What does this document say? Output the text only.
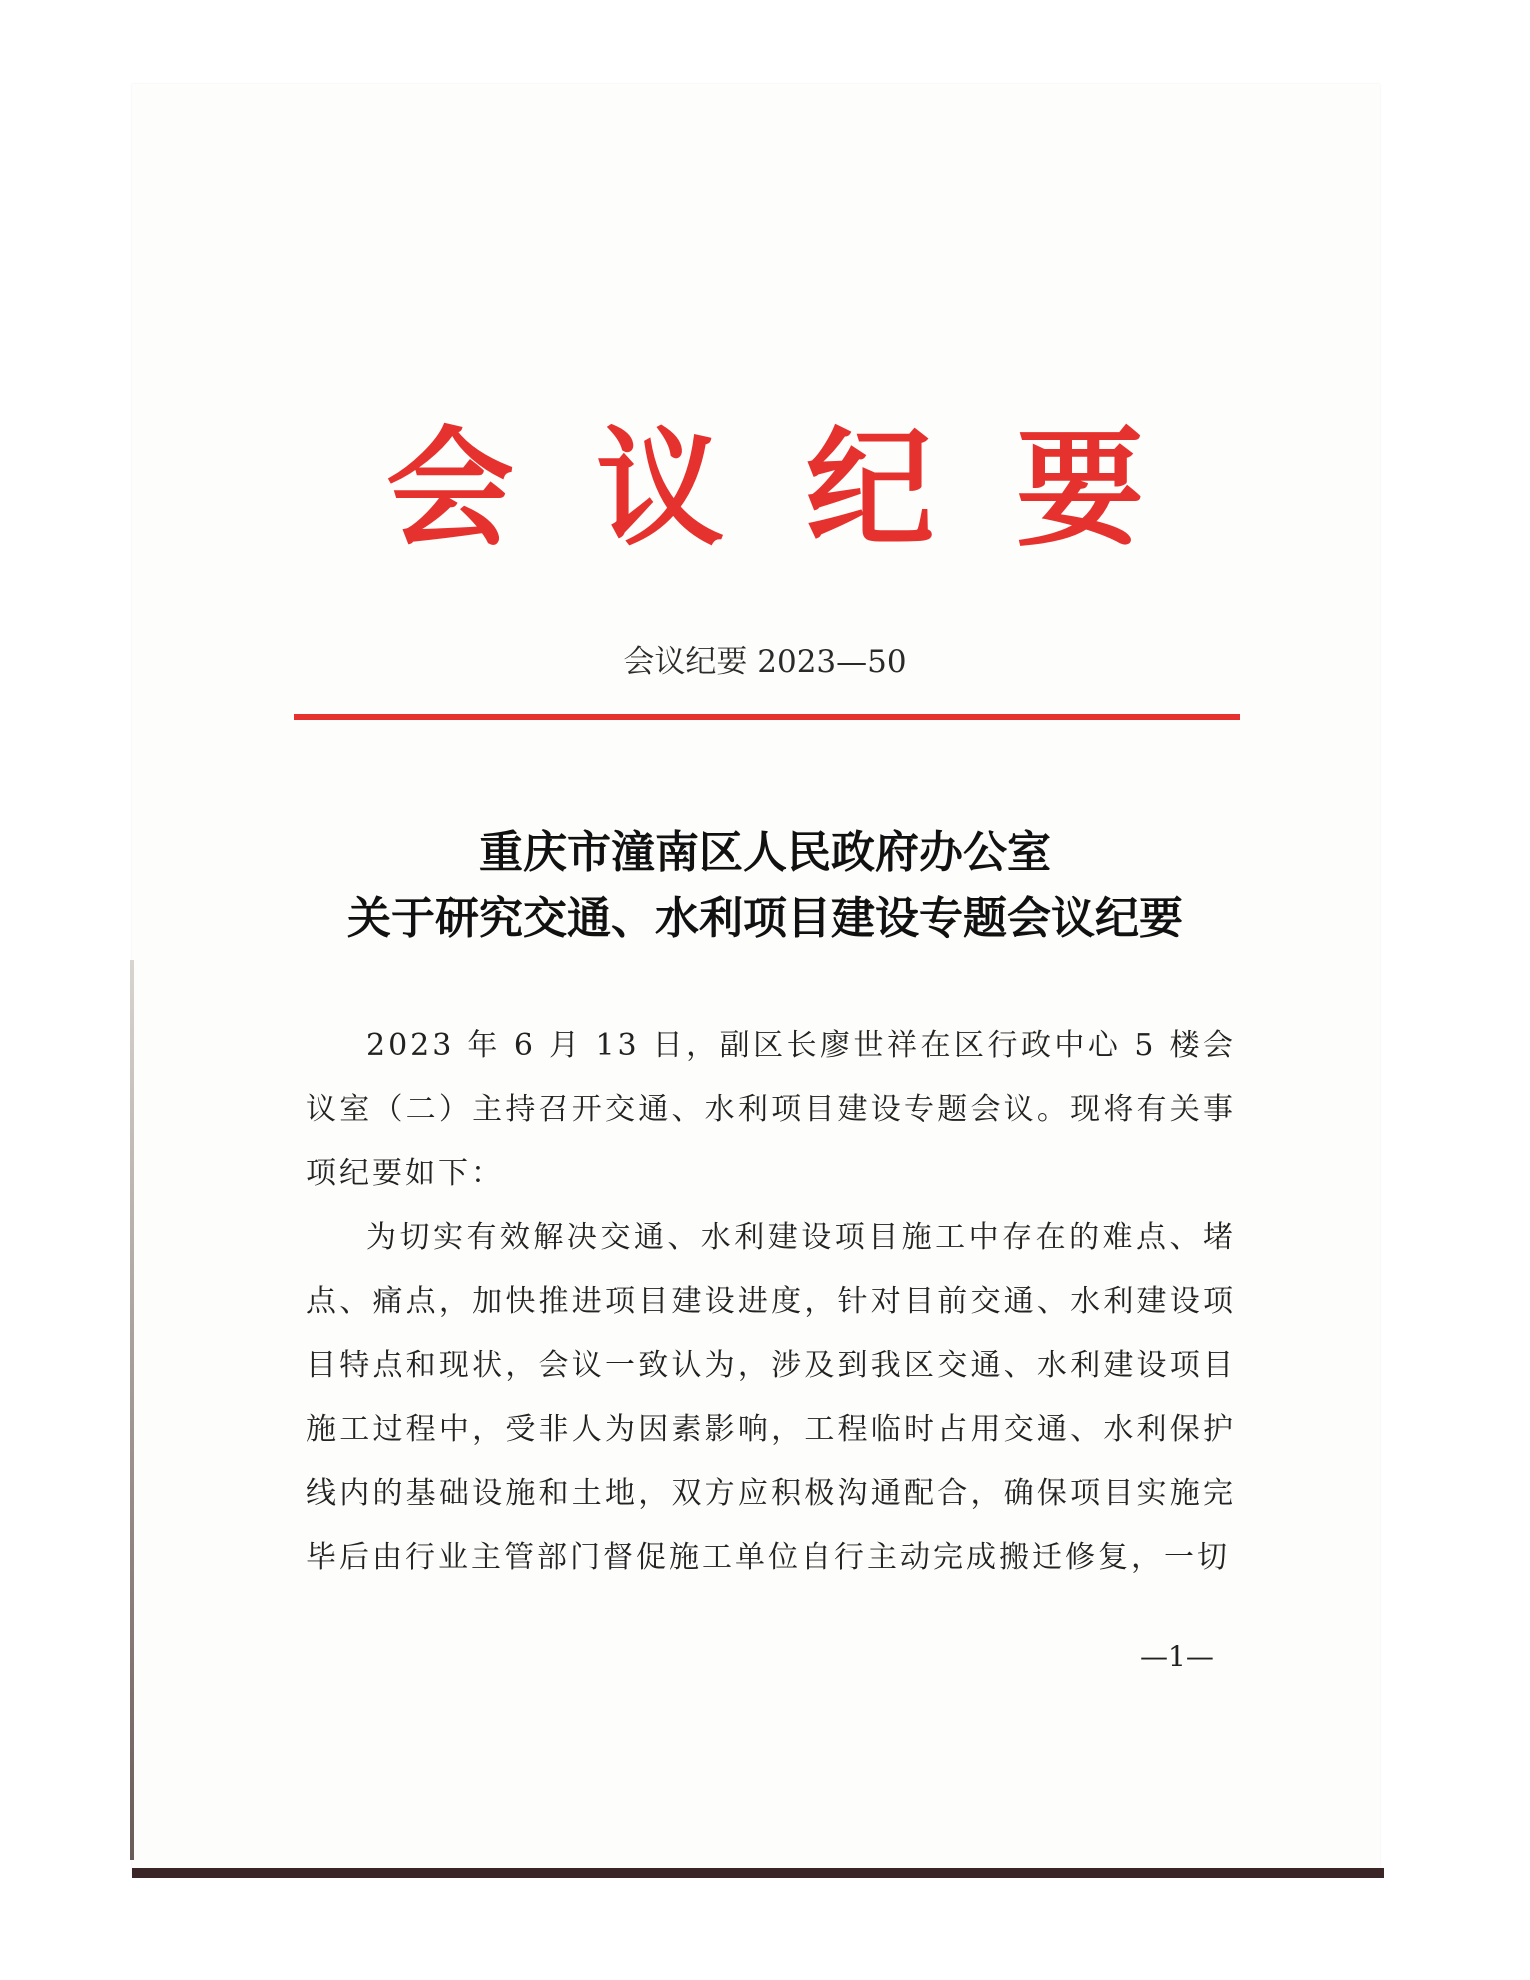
会议纪要

会议纪要 2023—50

重庆市潼南区人民政府办公室
关于研究交通、水利项目建设专题会议纪要

2023 年 6 月 13 日，副区长廖世祥在区行政中心 5 楼会议室（二）主持召开交通、水利项目建设专题会议。现将有关事项纪要如下：

为切实有效解决交通、水利建设项目施工中存在的难点、堵点、痛点，加快推进项目建设进度，针对目前交通、水利建设项目特点和现状，会议一致认为，涉及到我区交通、水利建设项目施工过程中，受非人为因素影响，工程临时占用交通、水利保护线内的基础设施和土地，双方应积极沟通配合，确保项目实施完毕后由行业主管部门督促施工单位自行主动完成搬迁修复，一切

—1—
